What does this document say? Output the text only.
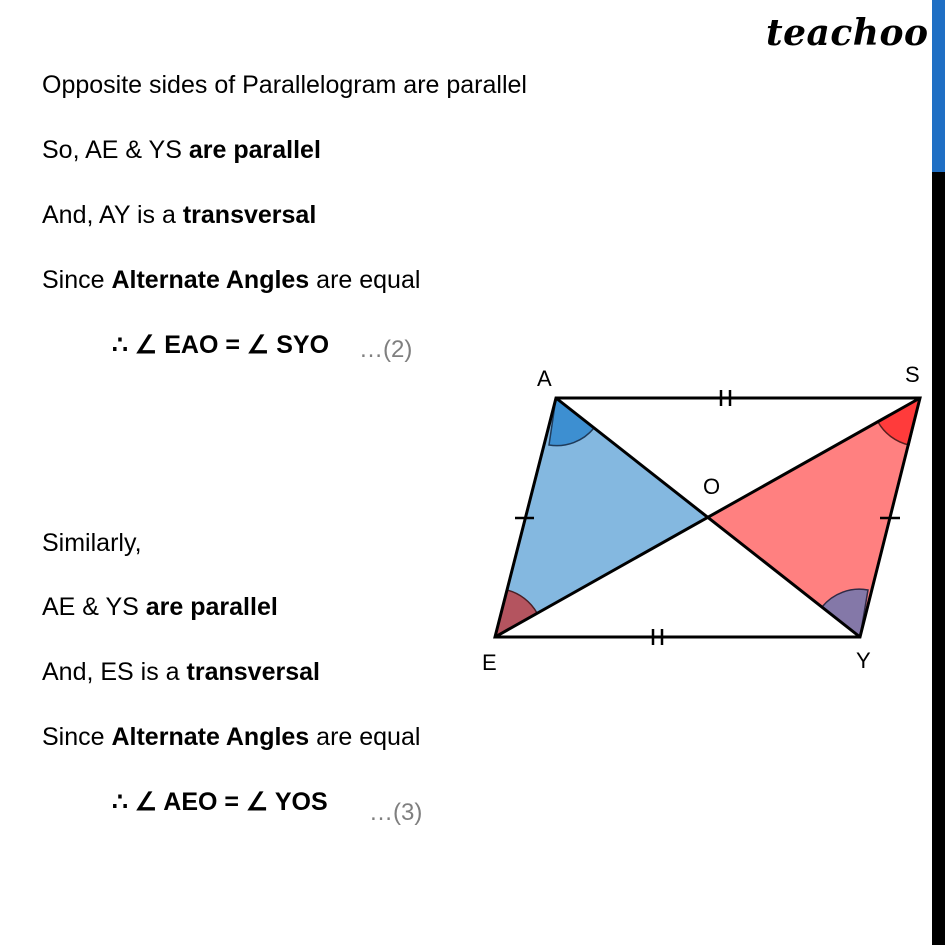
teachoo
Opposite sides of Parallelogram are parallel
So, AE & YS are parallel
And, AY is a transversal
Since Alternate Angles are equal
∴ ∠ EAO = ∠ SYO …(2)
Similarly,
AE & YS are parallel
And, ES is a transversal
Since Alternate Angles are equal
∴ ∠ AEO = ∠ YOS …(3)
A	S
O
E	Y
